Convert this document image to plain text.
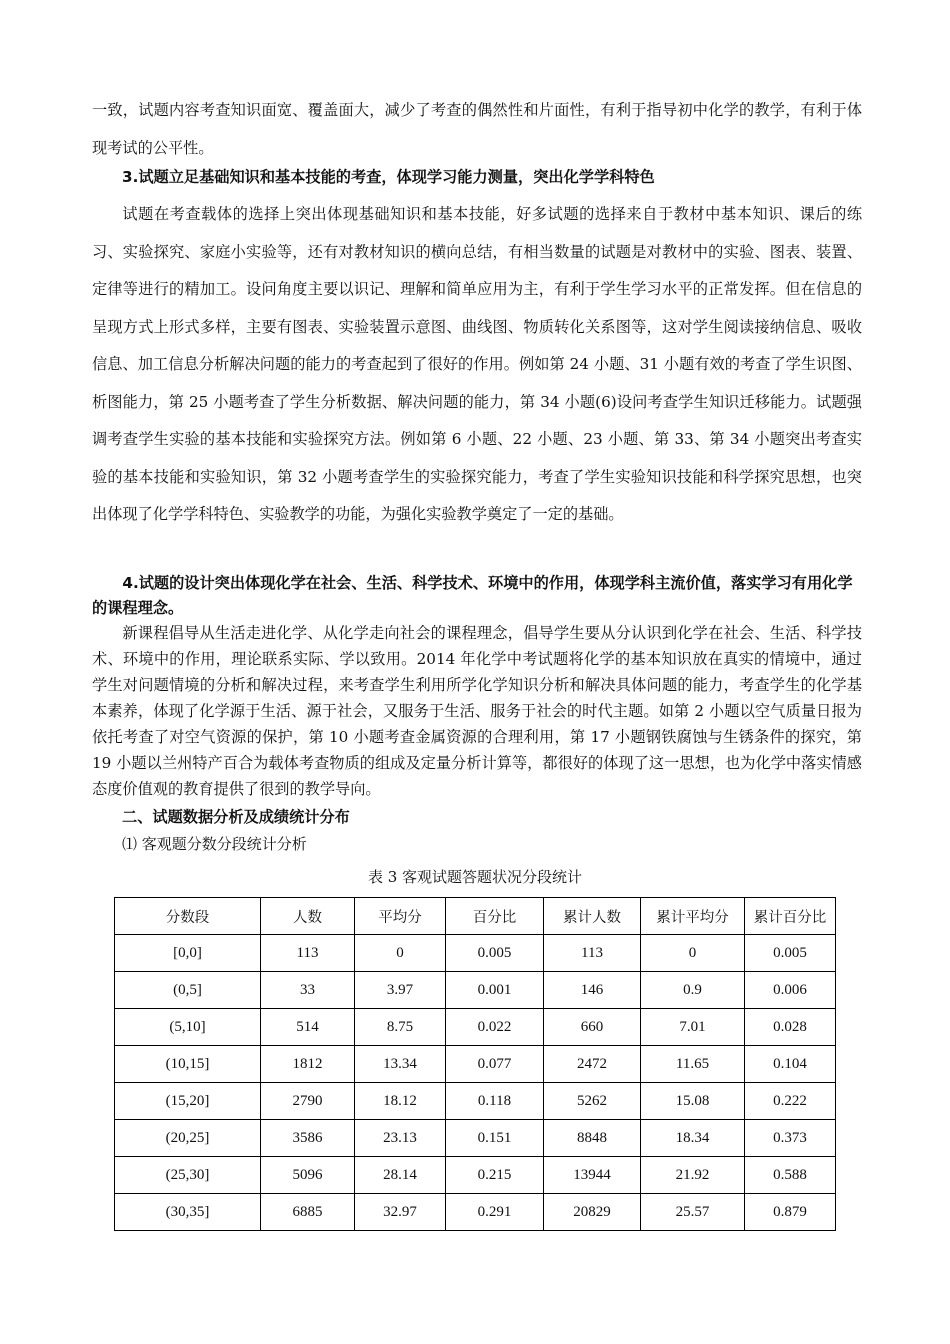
一致，试题内容考查知识面宽、覆盖面大，减少了考查的偶然性和片面性，有利于指导初中化学的教学，有利于体现考试的公平性。

3.试题立足基础知识和基本技能的考查，体现学习能力测量，突出化学学科特色

试题在考查载体的选择上突出体现基础知识和基本技能，好多试题的选择来自于教材中基本知识、课后的练习、实验探究、家庭小实验等，还有对教材知识的横向总结，有相当数量的试题是对教材中的实验、图表、装置、定律等进行的精加工。设问角度主要以识记、理解和简单应用为主，有利于学生学习水平的正常发挥。但在信息的呈现方式上形式多样，主要有图表、实验装置示意图、曲线图、物质转化关系图等，这对学生阅读接纳信息、吸收信息、加工信息分析解决问题的能力的考查起到了很好的作用。例如第 24 小题、31 小题有效的考查了学生识图、析图能力，第 25 小题考查了学生分析数据、解决问题的能力，第 34 小题(6)设问考查学生知识迁移能力。试题强调考查学生实验的基本技能和实验探究方法。例如第 6 小题、22 小题、23 小题、第 33、第 34 小题突出考查实验的基本技能和实验知识，第 32 小题考查学生的实验探究能力，考查了学生实验知识技能和科学探究思想，也突出体现了化学学科特色、实验教学的功能，为强化实验教学奠定了一定的基础。

4.试题的设计突出体现化学在社会、生活、科学技术、环境中的作用，体现学科主流价值，落实学习有用化学的课程理念。

新课程倡导从生活走进化学、从化学走向社会的课程理念，倡导学生要从分认识到化学在社会、生活、科学技术、环境中的作用，理论联系实际、学以致用。2014 年化学中考试题将化学的基本知识放在真实的情境中，通过学生对问题情境的分析和解决过程，来考查学生利用所学化学知识分析和解决具体问题的能力，考查学生的化学基本素养，体现了化学源于生活、源于社会，又服务于生活、服务于社会的时代主题。如第 2 小题以空气质量日报为依托考查了对空气资源的保护，第 10 小题考查金属资源的合理利用，第 17 小题钢铁腐蚀与生锈条件的探究，第 19 小题以兰州特产百合为载体考查物质的组成及定量分析计算等，都很好的体现了这一思想，也为化学中落实情感态度价值观的教育提供了很到的教学导向。

二、试题数据分析及成绩统计分布

⑴ 客观题分数分段统计分析

表 3 客观试题答题状况分段统计

分数段	人数	平均分	百分比	累计人数	累计平均分	累计百分比
[0,0]	113	0	0.005	113	0	0.005
(0,5]	33	3.97	0.001	146	0.9	0.006
(5,10]	514	8.75	0.022	660	7.01	0.028
(10,15]	1812	13.34	0.077	2472	11.65	0.104
(15,20]	2790	18.12	0.118	5262	15.08	0.222
(20,25]	3586	23.13	0.151	8848	18.34	0.373
(25,30]	5096	28.14	0.215	13944	21.92	0.588
(30,35]	6885	32.97	0.291	20829	25.57	0.879
